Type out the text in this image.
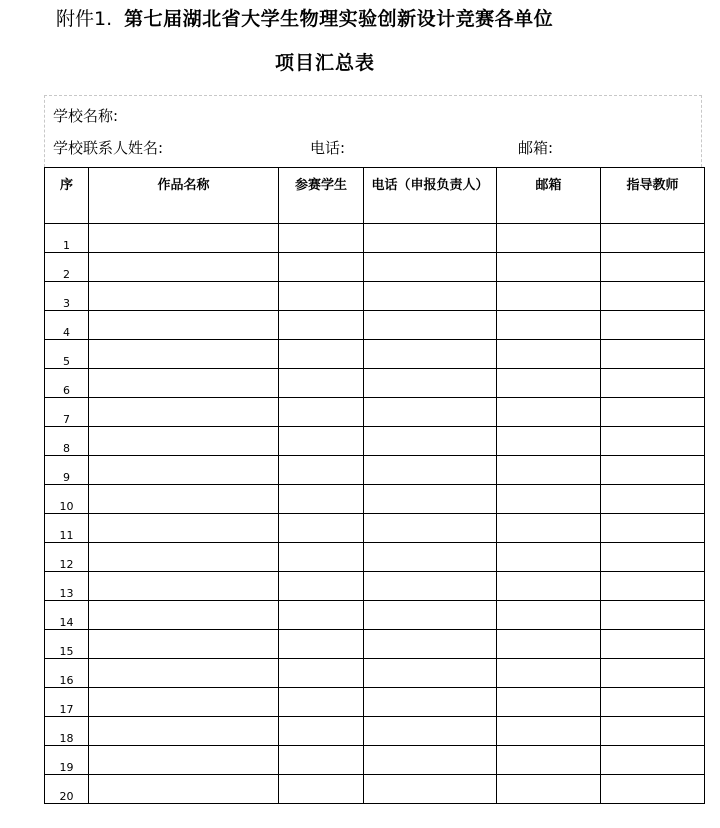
附件1. 第七届湖北省大学生物理实验创新设计竞赛各单位
项目汇总表
学校名称:
学校联系人姓名:	电话:	邮箱:
序	作品名称	参赛学生	电话（申报负责人）	邮箱	指导教师
1					
2					
3					
4					
5					
6					
7					
8					
9					
10					
11					
12					
13					
14					
15					
16					
17					
18					
19					
20					
